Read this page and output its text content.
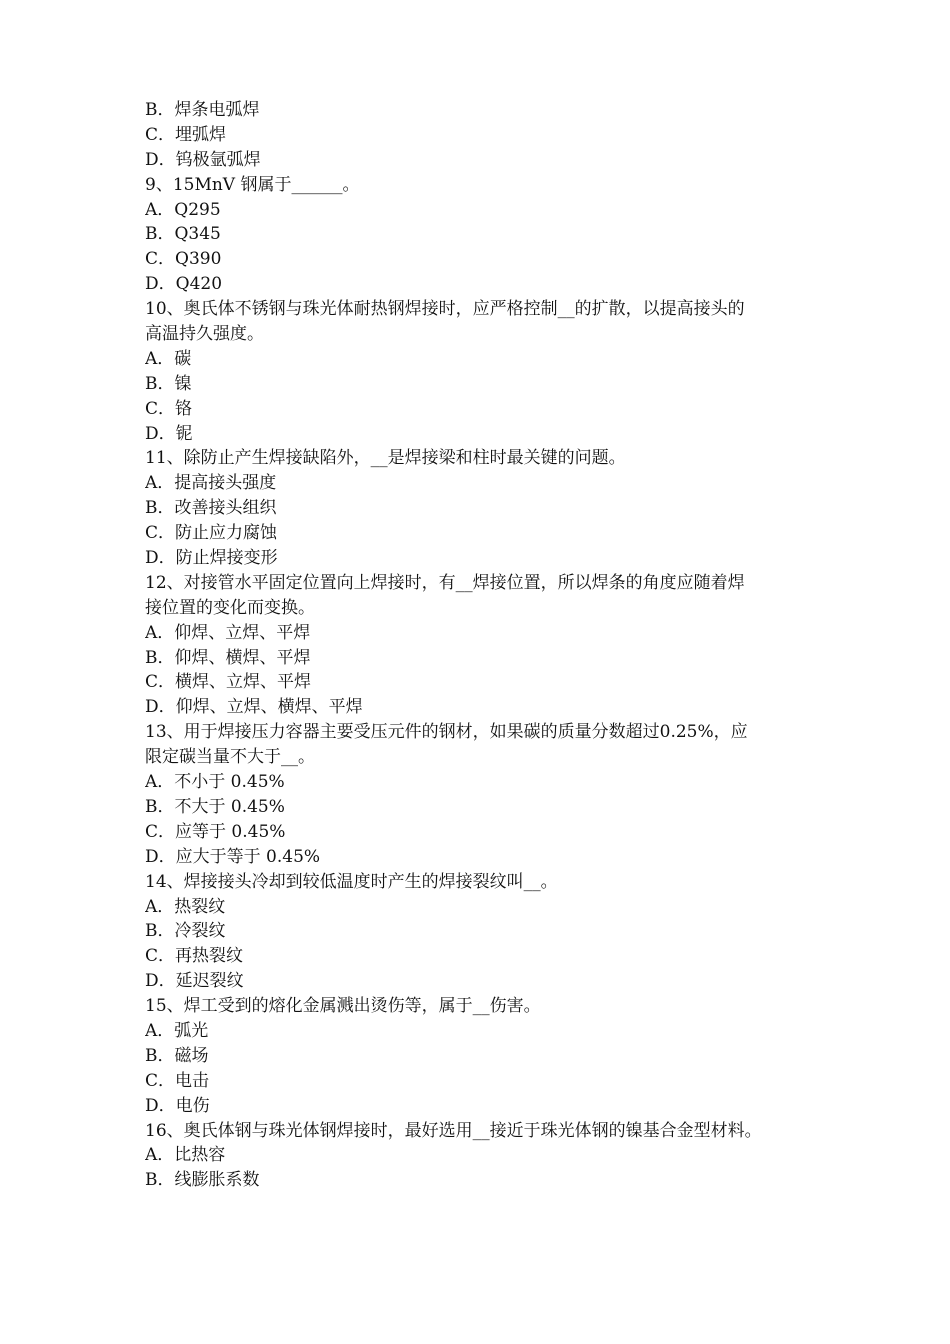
B．焊条电弧焊
C．埋弧焊
D．钨极氩弧焊
9、15MnV 钢属于______。
A．Q295
B．Q345
C．Q390
D．Q420
10、奥氏体不锈钢与珠光体耐热钢焊接时，应严格控制__的扩散，以提高接头的
高温持久强度。
A．碳
B．镍
C．铬
D．铌
11、除防止产生焊接缺陷外，__是焊接梁和柱时最关键的问题。
A．提高接头强度
B．改善接头组织
C．防止应力腐蚀
D．防止焊接变形
12、对接管水平固定位置向上焊接时，有__焊接位置，所以焊条的角度应随着焊
接位置的变化而变换。
A．仰焊、立焊、平焊
B．仰焊、横焊、平焊
C．横焊、立焊、平焊
D．仰焊、立焊、横焊、平焊
13、用于焊接压力容器主要受压元件的钢材，如果碳的质量分数超过0.25%，应
限定碳当量不大于__。
A．不小于 0.45%
B．不大于 0.45%
C．应等于 0.45%
D．应大于等于 0.45%
14、焊接接头冷却到较低温度时产生的焊接裂纹叫__。
A．热裂纹
B．冷裂纹
C．再热裂纹
D．延迟裂纹
15、焊工受到的熔化金属溅出烫伤等，属于__伤害。
A．弧光
B．磁场
C．电击
D．电伤
16、奥氏体钢与珠光体钢焊接时，最好选用__接近于珠光体钢的镍基合金型材料。
A．比热容
B．线膨胀系数
